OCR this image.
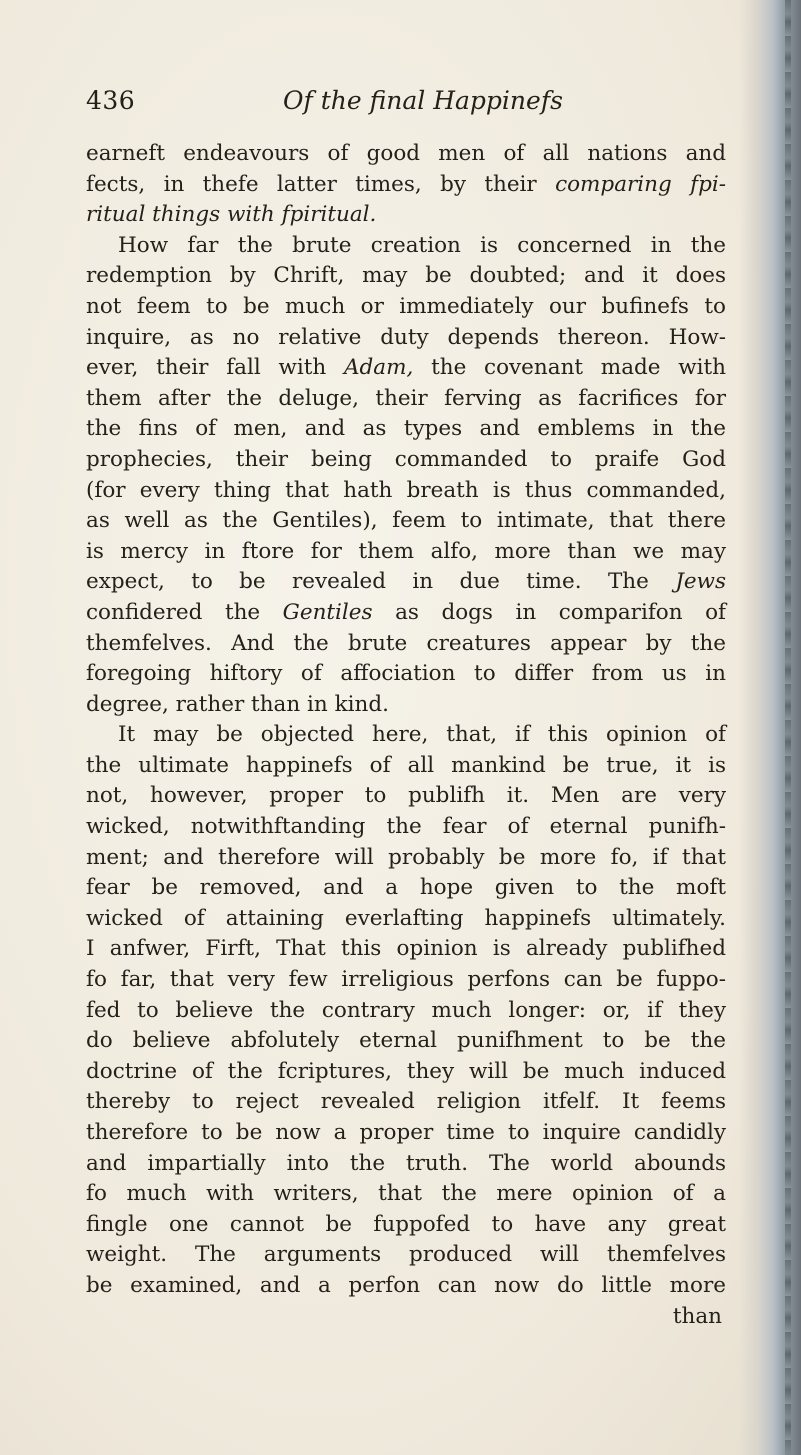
436	Of the final Happinefs
earneft endeavours of good men of all nations and
fects, in thefe latter times, by their comparing fpi-
ritual things with fpiritual.
How far the brute creation is concerned in the
redemption by Chrift, may be doubted; and it does
not feem to be much or immediately our bufinefs to
inquire, as no relative duty depends thereon. How-
ever, their fall with Adam, the covenant made with
them after the deluge, their ferving as facrifices for
the fins of men, and as types and emblems in the
prophecies, their being commanded to praife God
(for every thing that hath breath is thus commanded,
as well as the Gentiles), feem to intimate, that there
is mercy in ftore for them alfo, more than we may
expect, to be revealed in due time. The Jews
confidered the Gentiles as dogs in comparifon of
themfelves. And the brute creatures appear by the
foregoing hiftory of affociation to differ from us in
degree, rather than in kind.
It may be objected here, that, if this opinion of
the ultimate happinefs of all mankind be true, it is
not, however, proper to publifh it. Men are very
wicked, notwithftanding the fear of eternal punifh-
ment; and therefore will probably be more fo, if that
fear be removed, and a hope given to the moft
wicked of attaining everlafting happinefs ultimately.
I anfwer, Firft, That this opinion is already publifhed
fo far, that very few irreligious perfons can be fuppo-
fed to believe the contrary much longer: or, if they
do believe abfolutely eternal punifhment to be the
doctrine of the fcriptures, they will be much induced
thereby to reject revealed religion itfelf. It feems
therefore to be now a proper time to inquire candidly
and impartially into the truth. The world abounds
fo much with writers, that the mere opinion of a
fingle one cannot be fuppofed to have any great
weight. The arguments produced will themfelves
be examined, and a perfon can now do little more
than
